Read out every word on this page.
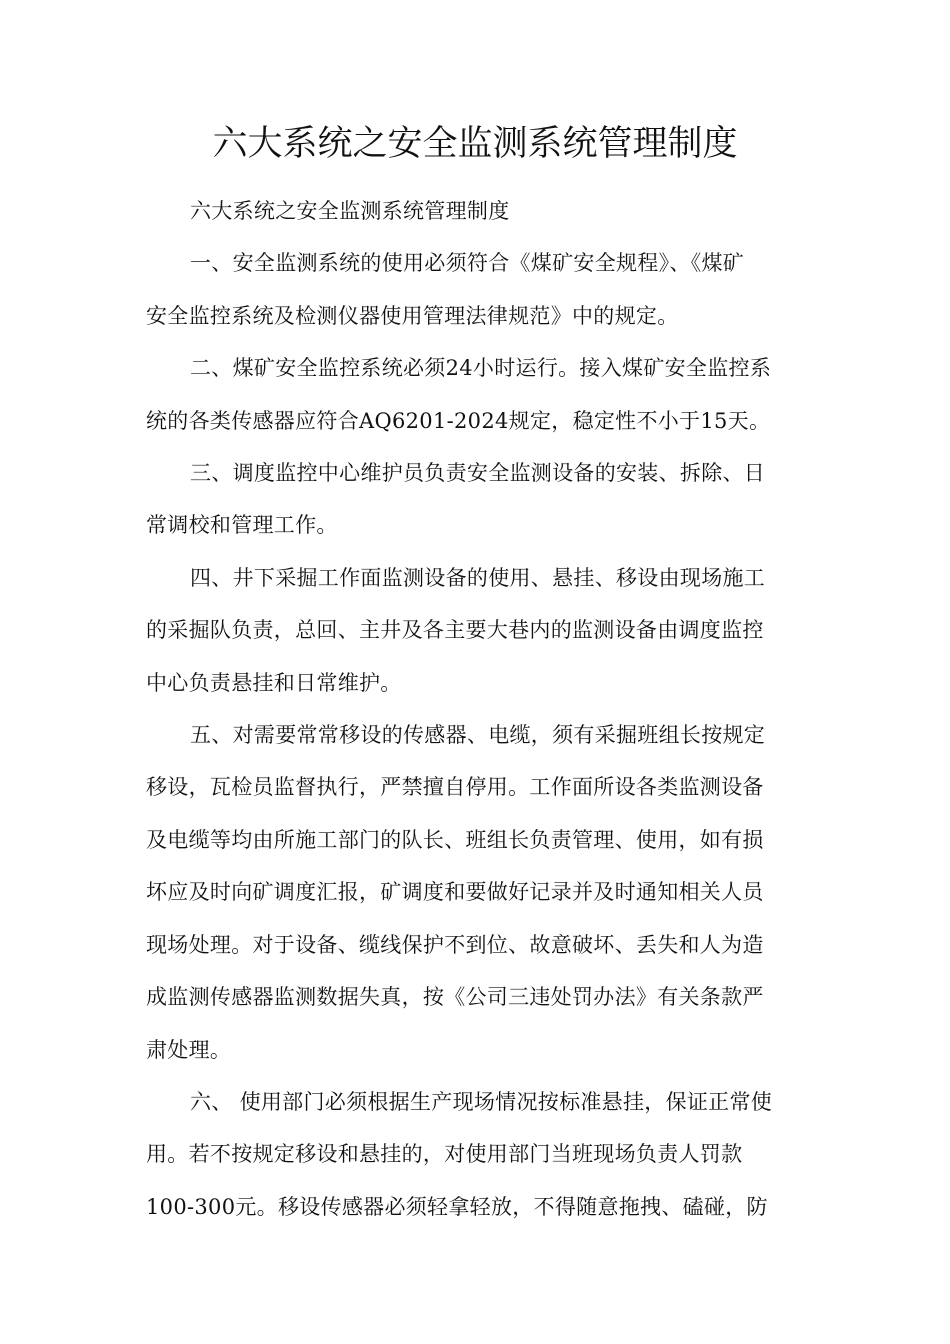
六大系统之安全监测系统管理制度

六大系统之安全监测系统管理制度

一、安全监测系统的使用必须符合《煤矿安全规程》、《煤矿
安全监控系统及检测仪器使用管理法律规范》中的规定。

二、煤矿安全监控系统必须24小时运行。接入煤矿安全监控系
统的各类传感器应符合AQ6201-2024规定，稳定性不小于15天。

三、调度监控中心维护员负责安全监测设备的安装、拆除、日
常调校和管理工作。

四、井下采掘工作面监测设备的使用、悬挂、移设由现场施工
的采掘队负责，总回、主井及各主要大巷内的监测设备由调度监控
中心负责悬挂和日常维护。

五、对需要常常移设的传感器、电缆，须有采掘班组长按规定
移设，瓦检员监督执行，严禁擅自停用。工作面所设各类监测设备
及电缆等均由所施工部门的队长、班组长负责管理、使用，如有损
坏应及时向矿调度汇报，矿调度和要做好记录并及时通知相关人员
现场处理。对于设备、缆线保护不到位、故意破坏、丢失和人为造
成监测传感器监测数据失真，按《公司三违处罚办法》有关条款严
肃处理。

六、 使用部门必须根据生产现场情况按标准悬挂，保证正常使
用。若不按规定移设和悬挂的，对使用部门当班现场负责人罚款
100-300元。移设传感器必须轻拿轻放，不得随意拖拽、磕碰，防
